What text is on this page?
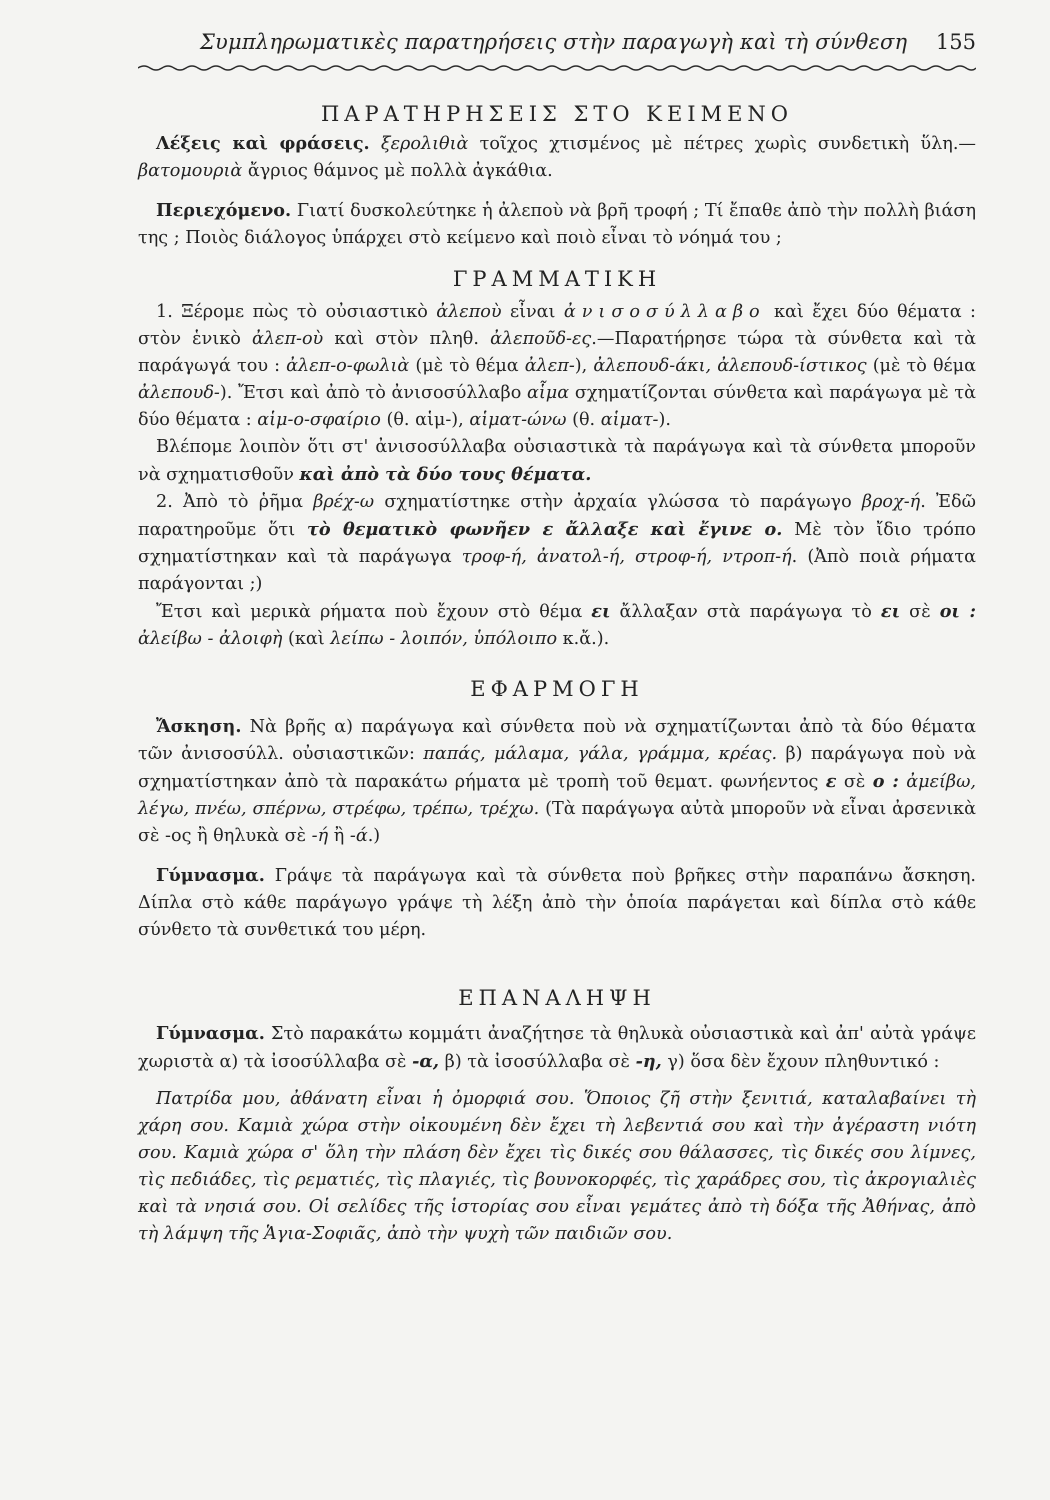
Συμπληρωματικὲς παρατηρήσεις στὴν παραγωγὴ καὶ τὴ σύνθεση 155
ΠΑΡΑΤΗΡΗΣΕΙΣ ΣΤΟ ΚΕΙΜΕΝΟ

Λέξεις καὶ φράσεις. ξερολιθιὰ τοῖχος χτισμένος μὲ πέτρες χωρὶς συνδετικὴ ὕλη.—βατομουριὰ ἄγριος θάμνος μὲ πολλὰ ἀγκάθια.

Περιεχόμενο. Γιατί δυσκολεύτηκε ἡ ἀλεποὺ νὰ βρῆ τροφή ; Τί ἔπαθε ἀπὸ τὴν πολλὴ βιάση της ; Ποιὸς διάλογος ὑπάρχει στὸ κείμενο καὶ ποιὸ εἶναι τὸ νόημά του ;

ΓΡΑΜΜΑΤΙΚΗ

1. Ξέρομε πὼς τὸ οὐσιαστικὸ ἀλεποὺ εἶναι ἀνισοσύλλαβο καὶ ἔχει δύο θέματα : στὸν ἑνικὸ ἀλεπ-οὺ καὶ στὸν πληθ. ἀλεποῦδ-ες.—Παρατήρησε τώρα τὰ σύνθετα καὶ τὰ παράγωγά του : ἀλεπ-ο-φωλιὰ (μὲ τὸ θέμα ἀλεπ-), ἀλεπουδ-άκι, ἀλεπουδ-ίστικος (μὲ τὸ θέμα ἀλεπουδ-). Ἔτσι καὶ ἀπὸ τὸ ἀνισοσύλλαβο αἷμα σχηματίζονται σύνθετα καὶ παράγωγα μὲ τὰ δύο θέματα : αἱμ-ο-σφαίριο (θ. αἱμ-), αἱματ-ώνω (θ. αἱματ-).

Βλέπομε λοιπὸν ὅτι στ' ἀνισοσύλλαβα οὐσιαστικὰ τὰ παράγωγα καὶ τὰ σύνθετα μποροῦν νὰ σχηματισθοῦν καὶ ἀπὸ τὰ δύο τους θέματα.

2. Ἀπὸ τὸ ῥῆμα βρέχ-ω σχηματίστηκε στὴν ἀρχαία γλώσσα τὸ παράγωγο βροχ-ή. Ἐδῶ παρατηροῦμε ὅτι τὸ θεματικὸ φωνῆεν ε ἄλλαξε καὶ ἔγινε ο. Μὲ τὸν ἴδιο τρόπο σχηματίστηκαν καὶ τὰ παράγωγα τροφ-ή, ἀνατολ-ή, στροφ-ή, ντροπ-ή. (Ἀπὸ ποιὰ ρήματα παράγονται ;)

Ἔτσι καὶ μερικὰ ρήματα ποὺ ἔχουν στὸ θέμα ει ἄλλαξαν στὰ παράγωγα τὸ ει σὲ οι : ἀλείβω - ἀλοιφὴ (καὶ λείπω - λοιπόν, ὑπόλοιπο κ.ἄ.).

ΕΦΑΡΜΟΓΗ

Ἄσκηση. Νὰ βρῆς α) παράγωγα καὶ σύνθετα ποὺ νὰ σχηματίζωνται ἀπὸ τὰ δύο θέματα τῶν ἀνισοσύλλ. οὐσιαστικῶν: παπάς, μάλαμα, γάλα, γράμμα, κρέας. β) παράγωγα ποὺ νὰ σχηματίστηκαν ἀπὸ τὰ παρακάτω ρήματα μὲ τροπὴ τοῦ θεματ. φωνήεντος ε σὲ ο : ἀμείβω, λέγω, πνέω, σπέρνω, στρέφω, τρέπω, τρέχω. (Τὰ παράγωγα αὐτὰ μποροῦν νὰ εἶναι ἀρσενικὰ σὲ -ος ἢ θηλυκὰ σὲ -ή ἢ -ά.)

Γύμνασμα. Γράψε τὰ παράγωγα καὶ τὰ σύνθετα ποὺ βρῆκες στὴν παραπάνω ἄσκηση. Δίπλα στὸ κάθε παράγωγο γράψε τὴ λέξη ἀπὸ τὴν ὁποία παράγεται καὶ δίπλα στὸ κάθε σύνθετο τὰ συνθετικά του μέρη.

ΕΠΑΝΑΛΗΨΗ

Γύμνασμα. Στὸ παρακάτω κομμάτι ἀναζήτησε τὰ θηλυκὰ οὐσιαστικὰ καὶ ἀπ' αὐτὰ γράψε χωριστὰ α) τὰ ἰσοσύλλαβα σὲ -α, β) τὰ ἰσοσύλλαβα σὲ -η, γ) ὅσα δὲν ἔχουν πληθυντικό :

Πατρίδα μου, ἀθάνατη εἶναι ἡ ὀμορφιά σου. Ὅποιος ζῆ στὴν ξενιτιά, καταλαβαίνει τὴ χάρη σου. Καμιὰ χώρα στὴν οἰκουμένη δὲν ἔχει τὴ λεβεντιά σου καὶ τὴν ἀγέραστη νιότη σου. Καμιὰ χώρα σ' ὅλη τὴν πλάση δὲν ἔχει τὶς δικές σου θάλασσες, τὶς δικές σου λίμνες, τὶς πεδιάδες, τὶς ρεματιές, τὶς πλαγιές, τὶς βουνοκορφές, τὶς χαράδρες σου, τὶς ἀκρογιαλιὲς καὶ τὰ νησιά σου. Οἱ σελίδες τῆς ἱστορίας σου εἶναι γεμάτες ἀπὸ τὴ δόξα τῆς Ἀθήνας, ἀπὸ τὴ λάμψη τῆς Ἁγια-Σοφιᾶς, ἀπὸ τὴν ψυχὴ τῶν παιδιῶν σου.
